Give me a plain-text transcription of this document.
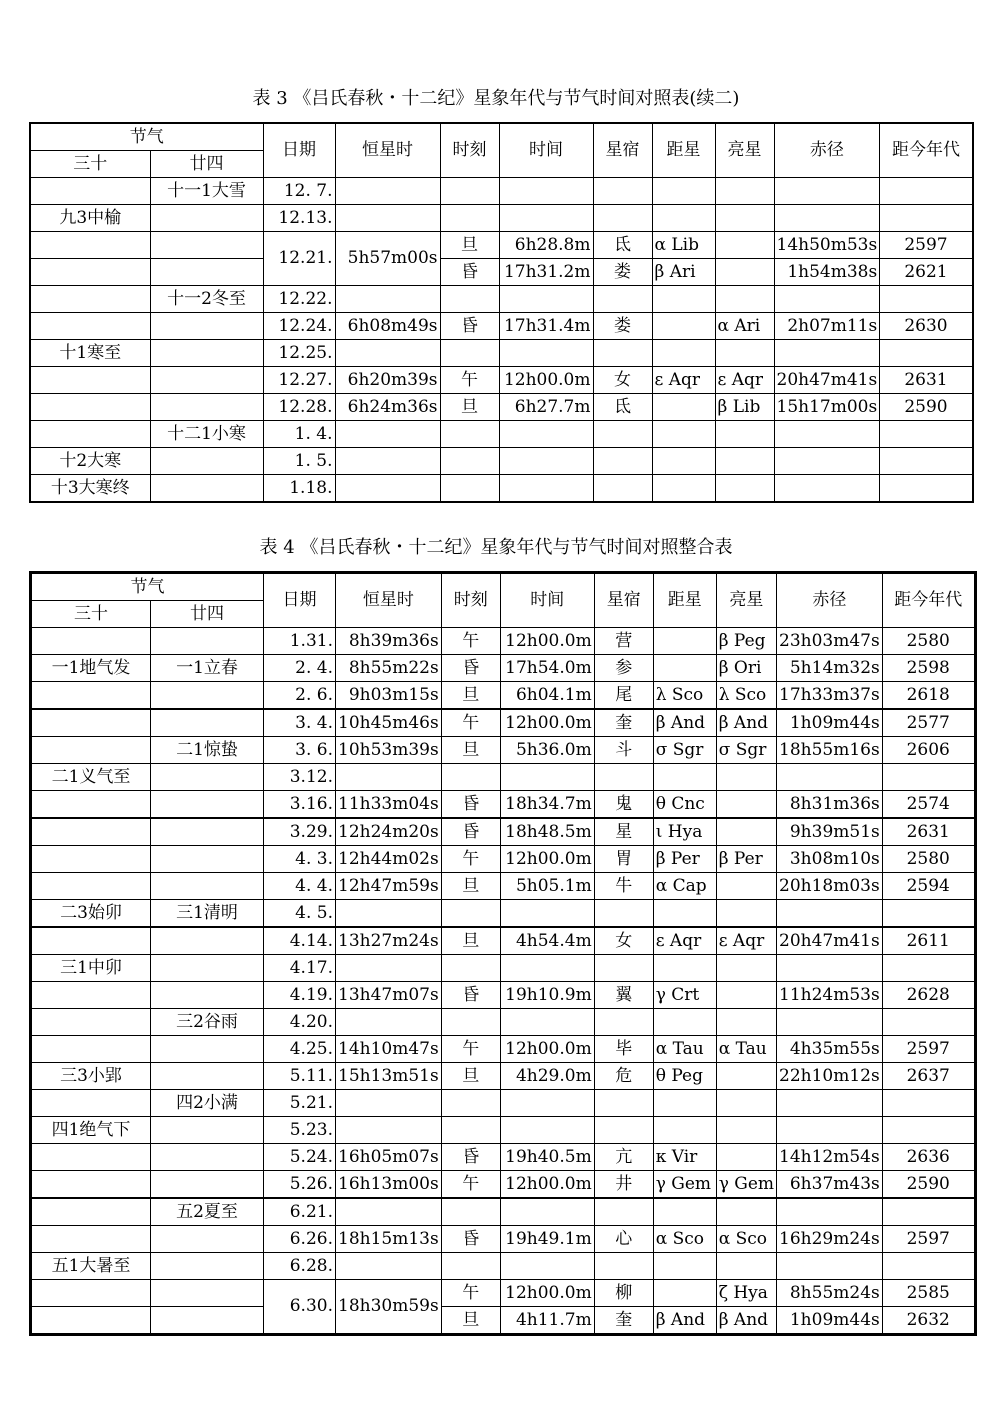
表 3 《吕氏春秋・十二纪》星象年代与节气时间对照表(续二)
节气		日期	恒星时	时刻	时间	星宿	距星	亮星	赤径	距今年代
三十	廿四									
	十一1大雪	12. 7.								
九3中榆		12.13.								
		12.21.	5h57m00s	旦	6h28.8m	氐	α Lib		14h50m53s	2597
				昏	17h31.2m	娄	β Ari		1h54m38s	2621
	十一2冬至	12.22.								
		12.24.	6h08m49s	昏	17h31.4m	娄		α Ari	2h07m11s	2630
十1寒至		12.25.								
		12.27.	6h20m39s	午	12h00.0m	女	ε Aqr	ε Aqr	20h47m41s	2631
		12.28.	6h24m36s	旦	6h27.7m	氐		β Lib	15h17m00s	2590
	十二1小寒	1. 4.								
十2大寒		1. 5.								
十3大寒终		1.18.								
表 4 《吕氏春秋・十二纪》星象年代与节气时间对照整合表
节气		日期	恒星时	时刻	时间	星宿	距星	亮星	赤径	距今年代
三十	廿四									
		1.31.	8h39m36s	午	12h00.0m	营		β Peg	23h03m47s	2580
一1地气发	一1立春	2. 4.	8h55m22s	昏	17h54.0m	参		β Ori	5h14m32s	2598
		2. 6.	9h03m15s	旦	6h04.1m	尾	λ Sco	λ Sco	17h33m37s	2618
		3. 4.	10h45m46s	午	12h00.0m	奎	β And	β And	1h09m44s	2577
	二1惊蛰	3. 6.	10h53m39s	旦	5h36.0m	斗	σ Sgr	σ Sgr	18h55m16s	2606
二1义气至		3.12.								
		3.16.	11h33m04s	昏	18h34.7m	鬼	θ Cnc		8h31m36s	2574
		3.29.	12h24m20s	昏	18h48.5m	星	ι Hya		9h39m51s	2631
		4. 3.	12h44m02s	午	12h00.0m	胃	β Per	β Per	3h08m10s	2580
		4. 4.	12h47m59s	旦	5h05.1m	牛	α Cap		20h18m03s	2594
二3始卯	三1清明	4. 5.								
		4.14.	13h27m24s	旦	4h54.4m	女	ε Aqr	ε Aqr	20h47m41s	2611
三1中卯		4.17.								
		4.19.	13h47m07s	昏	19h10.9m	翼	γ Crt		11h24m53s	2628
	三2谷雨	4.20.								
		4.25.	14h10m47s	午	12h00.0m	毕	α Tau	α Tau	4h35m55s	2597
三3小郢		5.11.	15h13m51s	旦	4h29.0m	危	θ Peg		22h10m12s	2637
	四2小满	5.21.								
四1绝气下		5.23.								
		5.24.	16h05m07s	昏	19h40.5m	亢	κ Vir		14h12m54s	2636
		5.26.	16h13m00s	午	12h00.0m	井	γ Gem	γ Gem	6h37m43s	2590
	五2夏至	6.21.								
		6.26.	18h15m13s	昏	19h49.1m	心	α Sco	α Sco	16h29m24s	2597
五1大暑至		6.28.								
		6.30.	18h30m59s	午	12h00.0m	柳		ζ Hya	8h55m24s	2585
				旦	4h11.7m	奎	β And	β And	1h09m44s	2632
